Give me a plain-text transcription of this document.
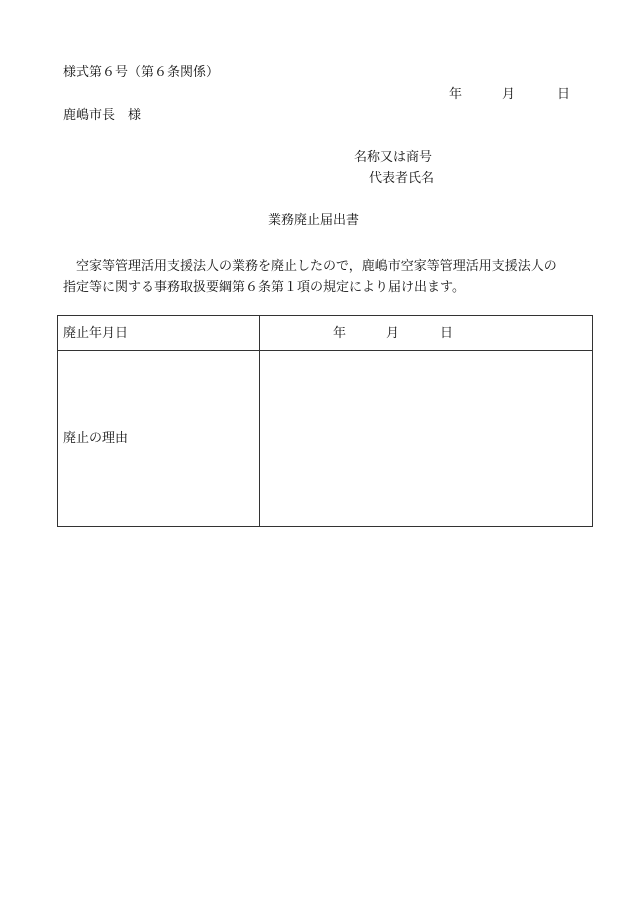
様式第６号（第６条関係）
年	月	日
鹿嶋市長　様
名称又は商号
代表者氏名
業務廃止届出書
空家等管理活用支援法人の業務を廃止したので，鹿嶋市空家等管理活用支援法人の
指定等に関する事務取扱要綱第６条第１項の規定により届け出ます。
廃止年月日	年	月	日
廃止の理由
